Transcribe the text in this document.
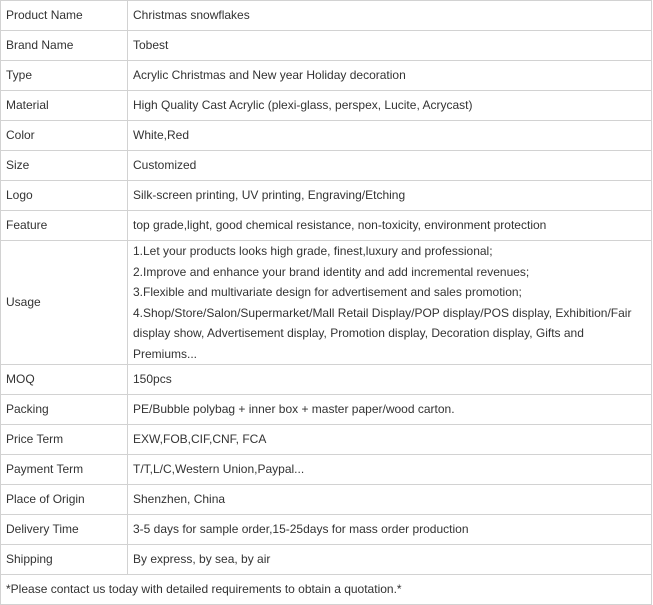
Product Name	Christmas snowflakes
Brand Name	Tobest
Type	Acrylic Christmas and New year Holiday decoration
Material	High Quality Cast Acrylic (plexi-glass, perspex, Lucite, Acrycast)
Color	White,Red
Size	Customized
Logo	Silk-screen printing, UV printing, Engraving/Etching
Feature	top grade,light, good chemical resistance, non-toxicity, environment protection
Usage	1.Let your products looks high grade, finest,luxury and professional;
2.Improve and enhance your brand identity and add incremental revenues;
3.Flexible and multivariate design for advertisement and sales promotion;
4.Shop/Store/Salon/Supermarket/Mall Retail Display/POP display/POS display, Exhibition/Fair
display show, Advertisement display, Promotion display, Decoration display, Gifts and Premiums...

MOQ	150pcs
Packing	PE/Bubble polybag + inner box + master paper/wood carton.
Price Term	EXW,FOB,CIF,CNF, FCA
Payment Term	T/T,L/C,Western Union,Paypal...
Place of Origin	Shenzhen, China
Delivery Time	3-5 days for sample order,15-25days for mass order production
Shipping	By express, by sea, by air
*Please contact us today with detailed requirements to obtain a quotation.*	
